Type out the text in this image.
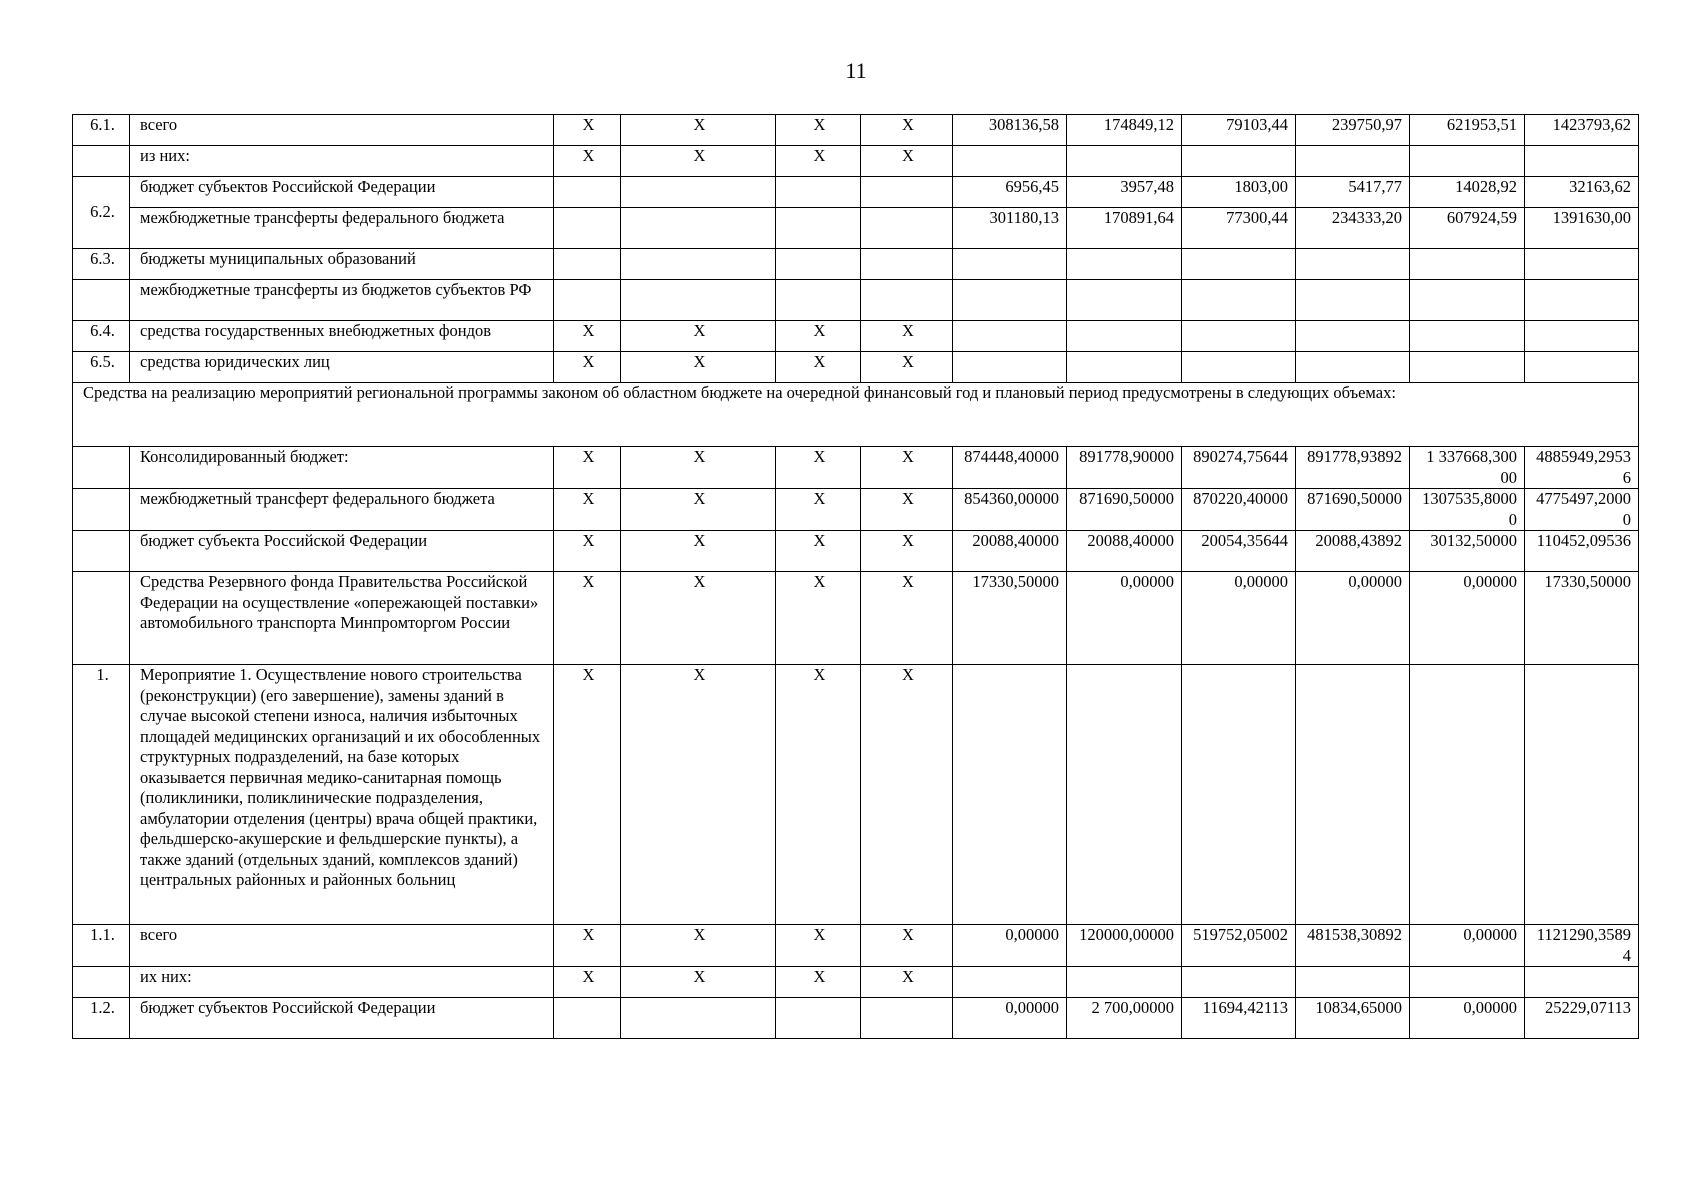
11
6.1.	всего	X	X	X	X	308136,58	174849,12	79103,44	239750,97	621953,51	1423793,62
	из них:	X	X	X	X						
6.2.	бюджет субъектов Российской Федерации					6956,45	3957,48	1803,00	5417,77	14028,92	32163,62
	межбюджетные трансферты федерального бюджета					301180,13	170891,64	77300,44	234333,20	607924,59	1391630,00
6.3.	бюджеты муниципальных образований										
	межбюджетные трансферты из бюджетов субъектов РФ										
6.4.	средства государственных внебюджетных фондов	X	X	X	X						
6.5.	средства юридических лиц	X	X	X	X						
Средства на реализацию мероприятий региональной программы законом об областном бюджете на очередной финансовый год и плановый период предусмотрены в следующих объемах:											
	Консолидированный бюджет:	X	X	X	X	874448,40000	891778,90000	890274,75644	891778,93892	1 337668,30000	4885949,29536
	межбюджетный трансферт федерального бюджета	X	X	X	X	854360,00000	871690,50000	870220,40000	871690,50000	1307535,80000	4775497,20000
	бюджет субъекта Российской Федерации	X	X	X	X	20088,40000	20088,40000	20054,35644	20088,43892	30132,50000	110452,09536
	Средства Резервного фонда Правительства Российской Федерации на осуществление «опережающей поставки» автомобильного транспорта Минпромторгом России	X	X	X	X	17330,50000	0,00000	0,00000	0,00000	0,00000	17330,50000
1.	Мероприятие 1. Осуществление нового строительства (реконструкции) (его завершение), замены зданий в случае высокой степени износа, наличия избыточных площадей медицинских организаций и их обособленных структурных подразделений, на базе которых оказывается первичная медико-санитарная помощь (поликлиники, поликлинические подразделения, амбулатории отделения (центры) врача общей практики, фельдшерско-акушерские и фельдшерские пункты), а также зданий (отдельных зданий, комплексов зданий) центральных районных и районных больниц	X	X	X	X						
1.1.	всего	X	X	X	X	0,00000	120000,00000	519752,05002	481538,30892	0,00000	1121290,35894
	их них:	X	X	X	X						
1.2.	бюджет субъектов Российской Федерации					0,00000	2 700,00000	11694,42113	10834,65000	0,00000	25229,07113
